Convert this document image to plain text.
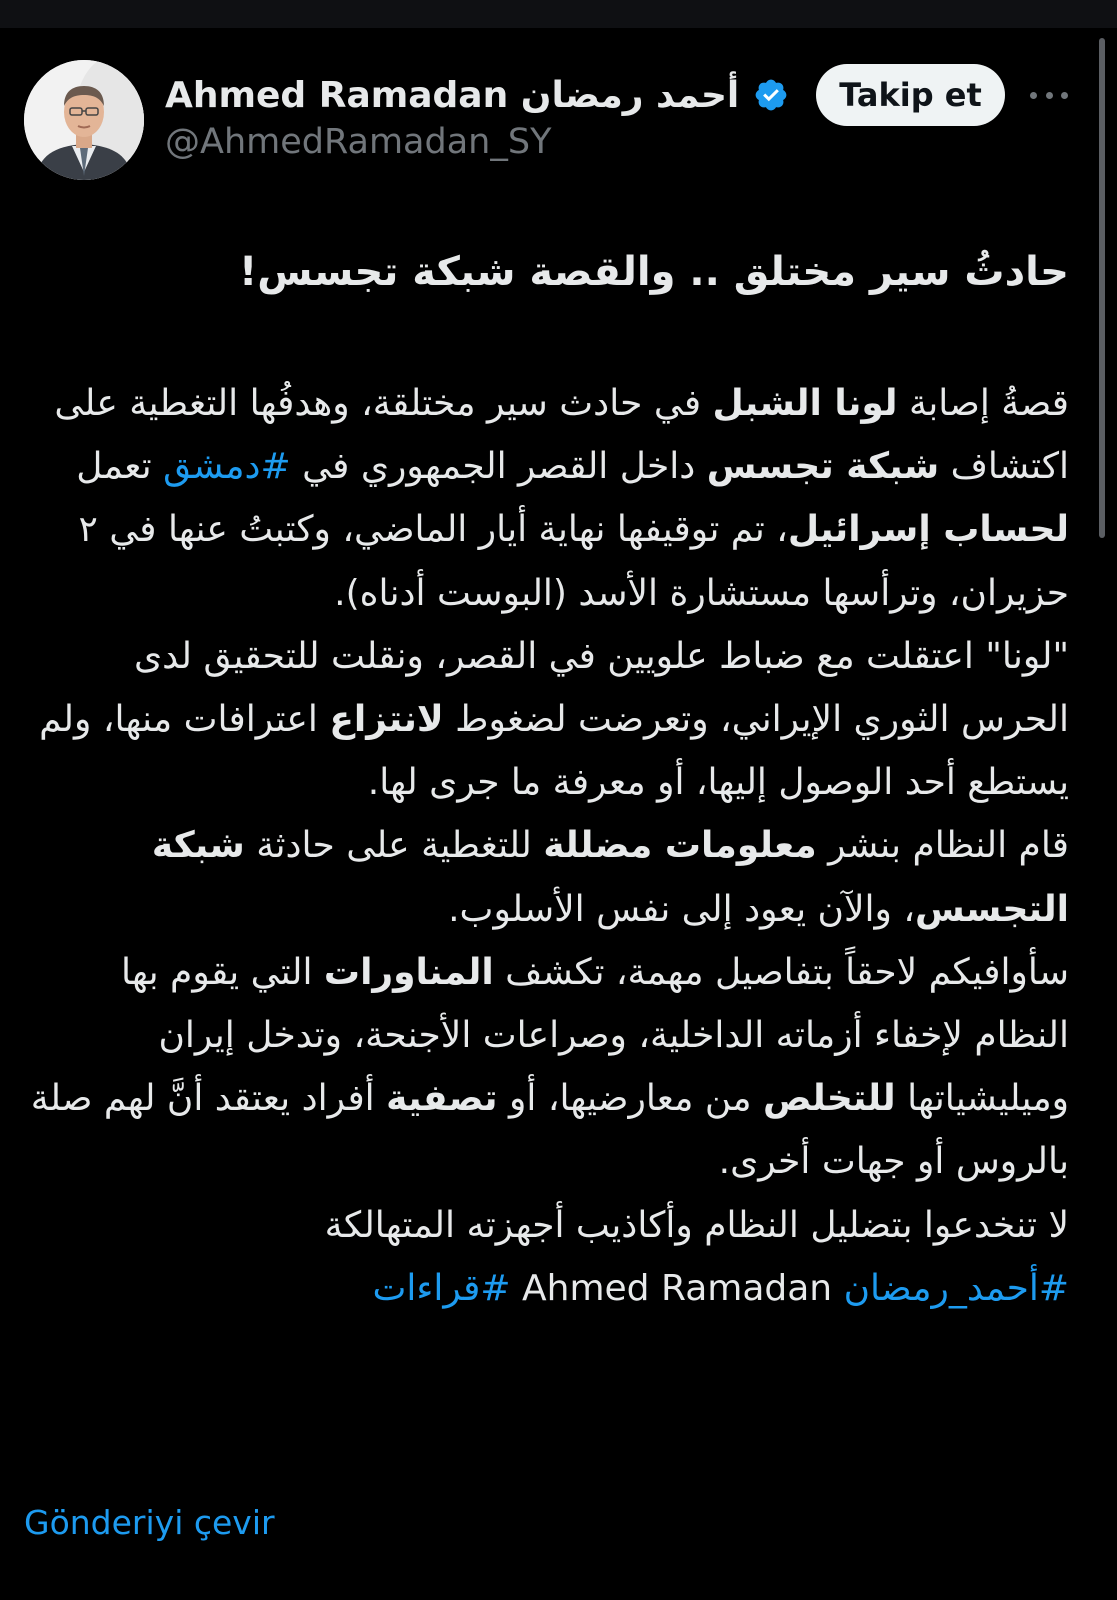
Ahmed Ramadan أحمد رمضان
@AhmedRamadan_SY
Takip et

حادثُ سير مختلق .. والقصة شبكة تجسس!

قصةُ إصابة لونا الشبل في حادث سير مختلقة، وهدفُها التغطية على اكتشاف شبكة تجسس داخل القصر الجمهوري في #دمشق تعمل لحساب إسرائيل، تم توقيفها نهاية أيار الماضي، وكتبتُ عنها في ٢ حزيران، وترأسها مستشارة الأسد (البوست أدناه).

"لونا" اعتقلت مع ضباط علويين في القصر، ونقلت للتحقيق لدى الحرس الثوري الإيراني، وتعرضت لضغوط لانتزاع اعترافات منها، ولم يستطع أحد الوصول إليها، أو معرفة ما جرى لها.

قام النظام بنشر معلومات مضللة للتغطية على حادثة شبكة التجسس، والآن يعود إلى نفس الأسلوب.

سأوافيكم لاحقاً بتفاصيل مهمة، تكشف المناورات التي يقوم بها النظام لإخفاء أزماته الداخلية، وصراعات الأجنحة، وتدخل إيران وميليشياتها للتخلص من معارضيها، أو تصفية أفراد يعتقد أنَّ لهم صلة بالروس أو جهات أخرى.

لا تنخدعوا بتضليل النظام وأكاذيب أجهزته المتهالكة

#أحمد_رمضان Ahmed Ramadan #قراءات

Gönderiyi çevir
